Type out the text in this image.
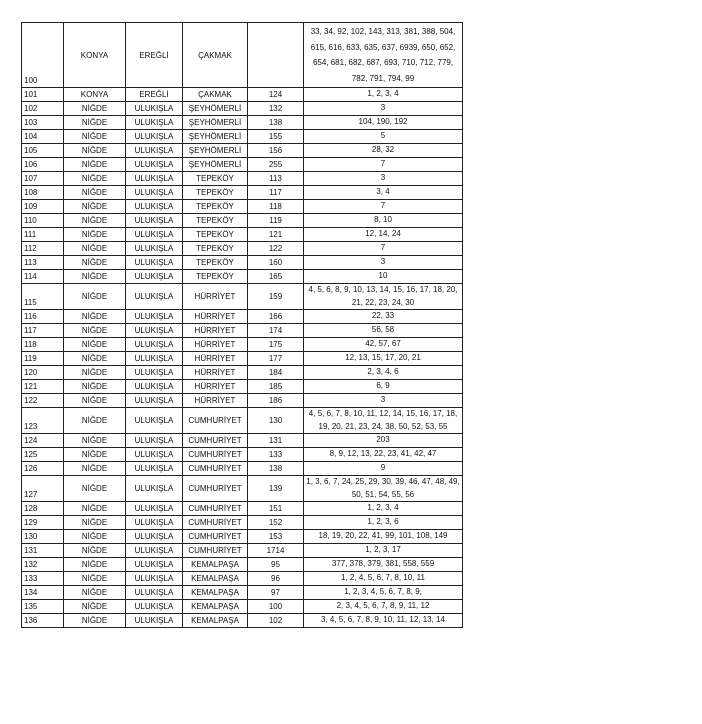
100	KONYA	EREĞLİ	ÇAKMAK		33, 34, 92, 102, 143, 313, 381, 388, 504, 615, 616, 633, 635, 637, 6939, 650, 652, 654, 681, 682, 687, 693, 710, 712, 779, 782, 791, 794, 99
101	KONYA	EREĞLİ	ÇAKMAK	124	1, 2, 3, 4
102	NİĞDE	ULUKIŞLA	ŞEYHÖMERLİ	132	3
103	NİĞDE	ULUKIŞLA	ŞEYHÖMERLİ	138	104, 190, 192
104	NİĞDE	ULUKIŞLA	ŞEYHÖMERLİ	155	5
105	NİĞDE	ULUKIŞLA	ŞEYHÖMERLİ	156	28, 32
106	NİĞDE	ULUKIŞLA	ŞEYHÖMERLİ	255	7
107	NİĞDE	ULUKIŞLA	TEPEKÖY	113	3
108	NİĞDE	ULUKIŞLA	TEPEKÖY	117	3, 4
109	NİĞDE	ULUKIŞLA	TEPEKÖY	118	7
110	NİĞDE	ULUKIŞLA	TEPEKÖY	119	8, 10
111	NİĞDE	ULUKIŞLA	TEPEKÖY	121	12, 14, 24
112	NİĞDE	ULUKIŞLA	TEPEKÖY	122	7
113	NİĞDE	ULUKIŞLA	TEPEKÖY	160	3
114	NİĞDE	ULUKIŞLA	TEPEKÖY	165	10
115	NİĞDE	ULUKIŞLA	HÜRRİYET	159	4, 5, 6, 8, 9, 10, 13, 14, 15, 16, 17, 18, 20, 21, 22, 23, 24, 30
116	NİĞDE	ULUKIŞLA	HÜRRİYET	166	22, 33
117	NİĞDE	ULUKIŞLA	HÜRRİYET	174	56, 58
118	NİĞDE	ULUKIŞLA	HÜRRİYET	175	42, 57, 67
119	NİĞDE	ULUKIŞLA	HÜRRİYET	177	12, 13, 15, 17, 20, 21
120	NİĞDE	ULUKIŞLA	HÜRRİYET	184	2, 3, 4, 6
121	NİĞDE	ULUKIŞLA	HÜRRİYET	185	6, 9
122	NİĞDE	ULUKIŞLA	HÜRRİYET	186	3
123	NİĞDE	ULUKIŞLA	CUMHURİYET	130	4, 5, 6, 7, 8, 10, 11, 12, 14, 15, 16, 17, 18, 19, 20, 21, 23, 24, 38, 50, 52, 53, 55
124	NİĞDE	ULUKIŞLA	CUMHURİYET	131	203
125	NİĞDE	ULUKIŞLA	CUMHURİYET	133	8, 9, 12, 13, 22, 23, 41, 42, 47
126	NİĞDE	ULUKIŞLA	CUMHURİYET	138	9
127	NİĞDE	ULUKIŞLA	CUMHURİYET	139	1, 3, 6, 7, 24, 25, 29, 30, 39, 46, 47, 48, 49, 50, 51, 54, 55, 56
128	NİĞDE	ULUKIŞLA	CUMHURİYET	151	1, 2, 3, 4
129	NİĞDE	ULUKIŞLA	CUMHURİYET	152	1, 2, 3, 6
130	NİĞDE	ULUKIŞLA	CUMHURİYET	153	18, 19, 20, 22, 41, 99, 101, 108, 149
131	NİĞDE	ULUKIŞLA	CUMHURİYET	1714	1, 2, 3, 17
132	NİĞDE	ULUKIŞLA	KEMALPAŞA	95	377, 378, 379, 381, 558, 559
133	NİĞDE	ULUKIŞLA	KEMALPAŞA	96	1, 2, 4, 5, 6, 7, 8, 10, 11
134	NİĞDE	ULUKIŞLA	KEMALPAŞA	97	1, 2, 3, 4, 5, 6, 7, 8, 9,
135	NİĞDE	ULUKIŞLA	KEMALPAŞA	100	2, 3, 4, 5, 6, 7, 8, 9, 11, 12
136	NİĞDE	ULUKIŞLA	KEMALPAŞA	102	3, 4, 5, 6, 7, 8, 9, 10, 11, 12, 13, 14
